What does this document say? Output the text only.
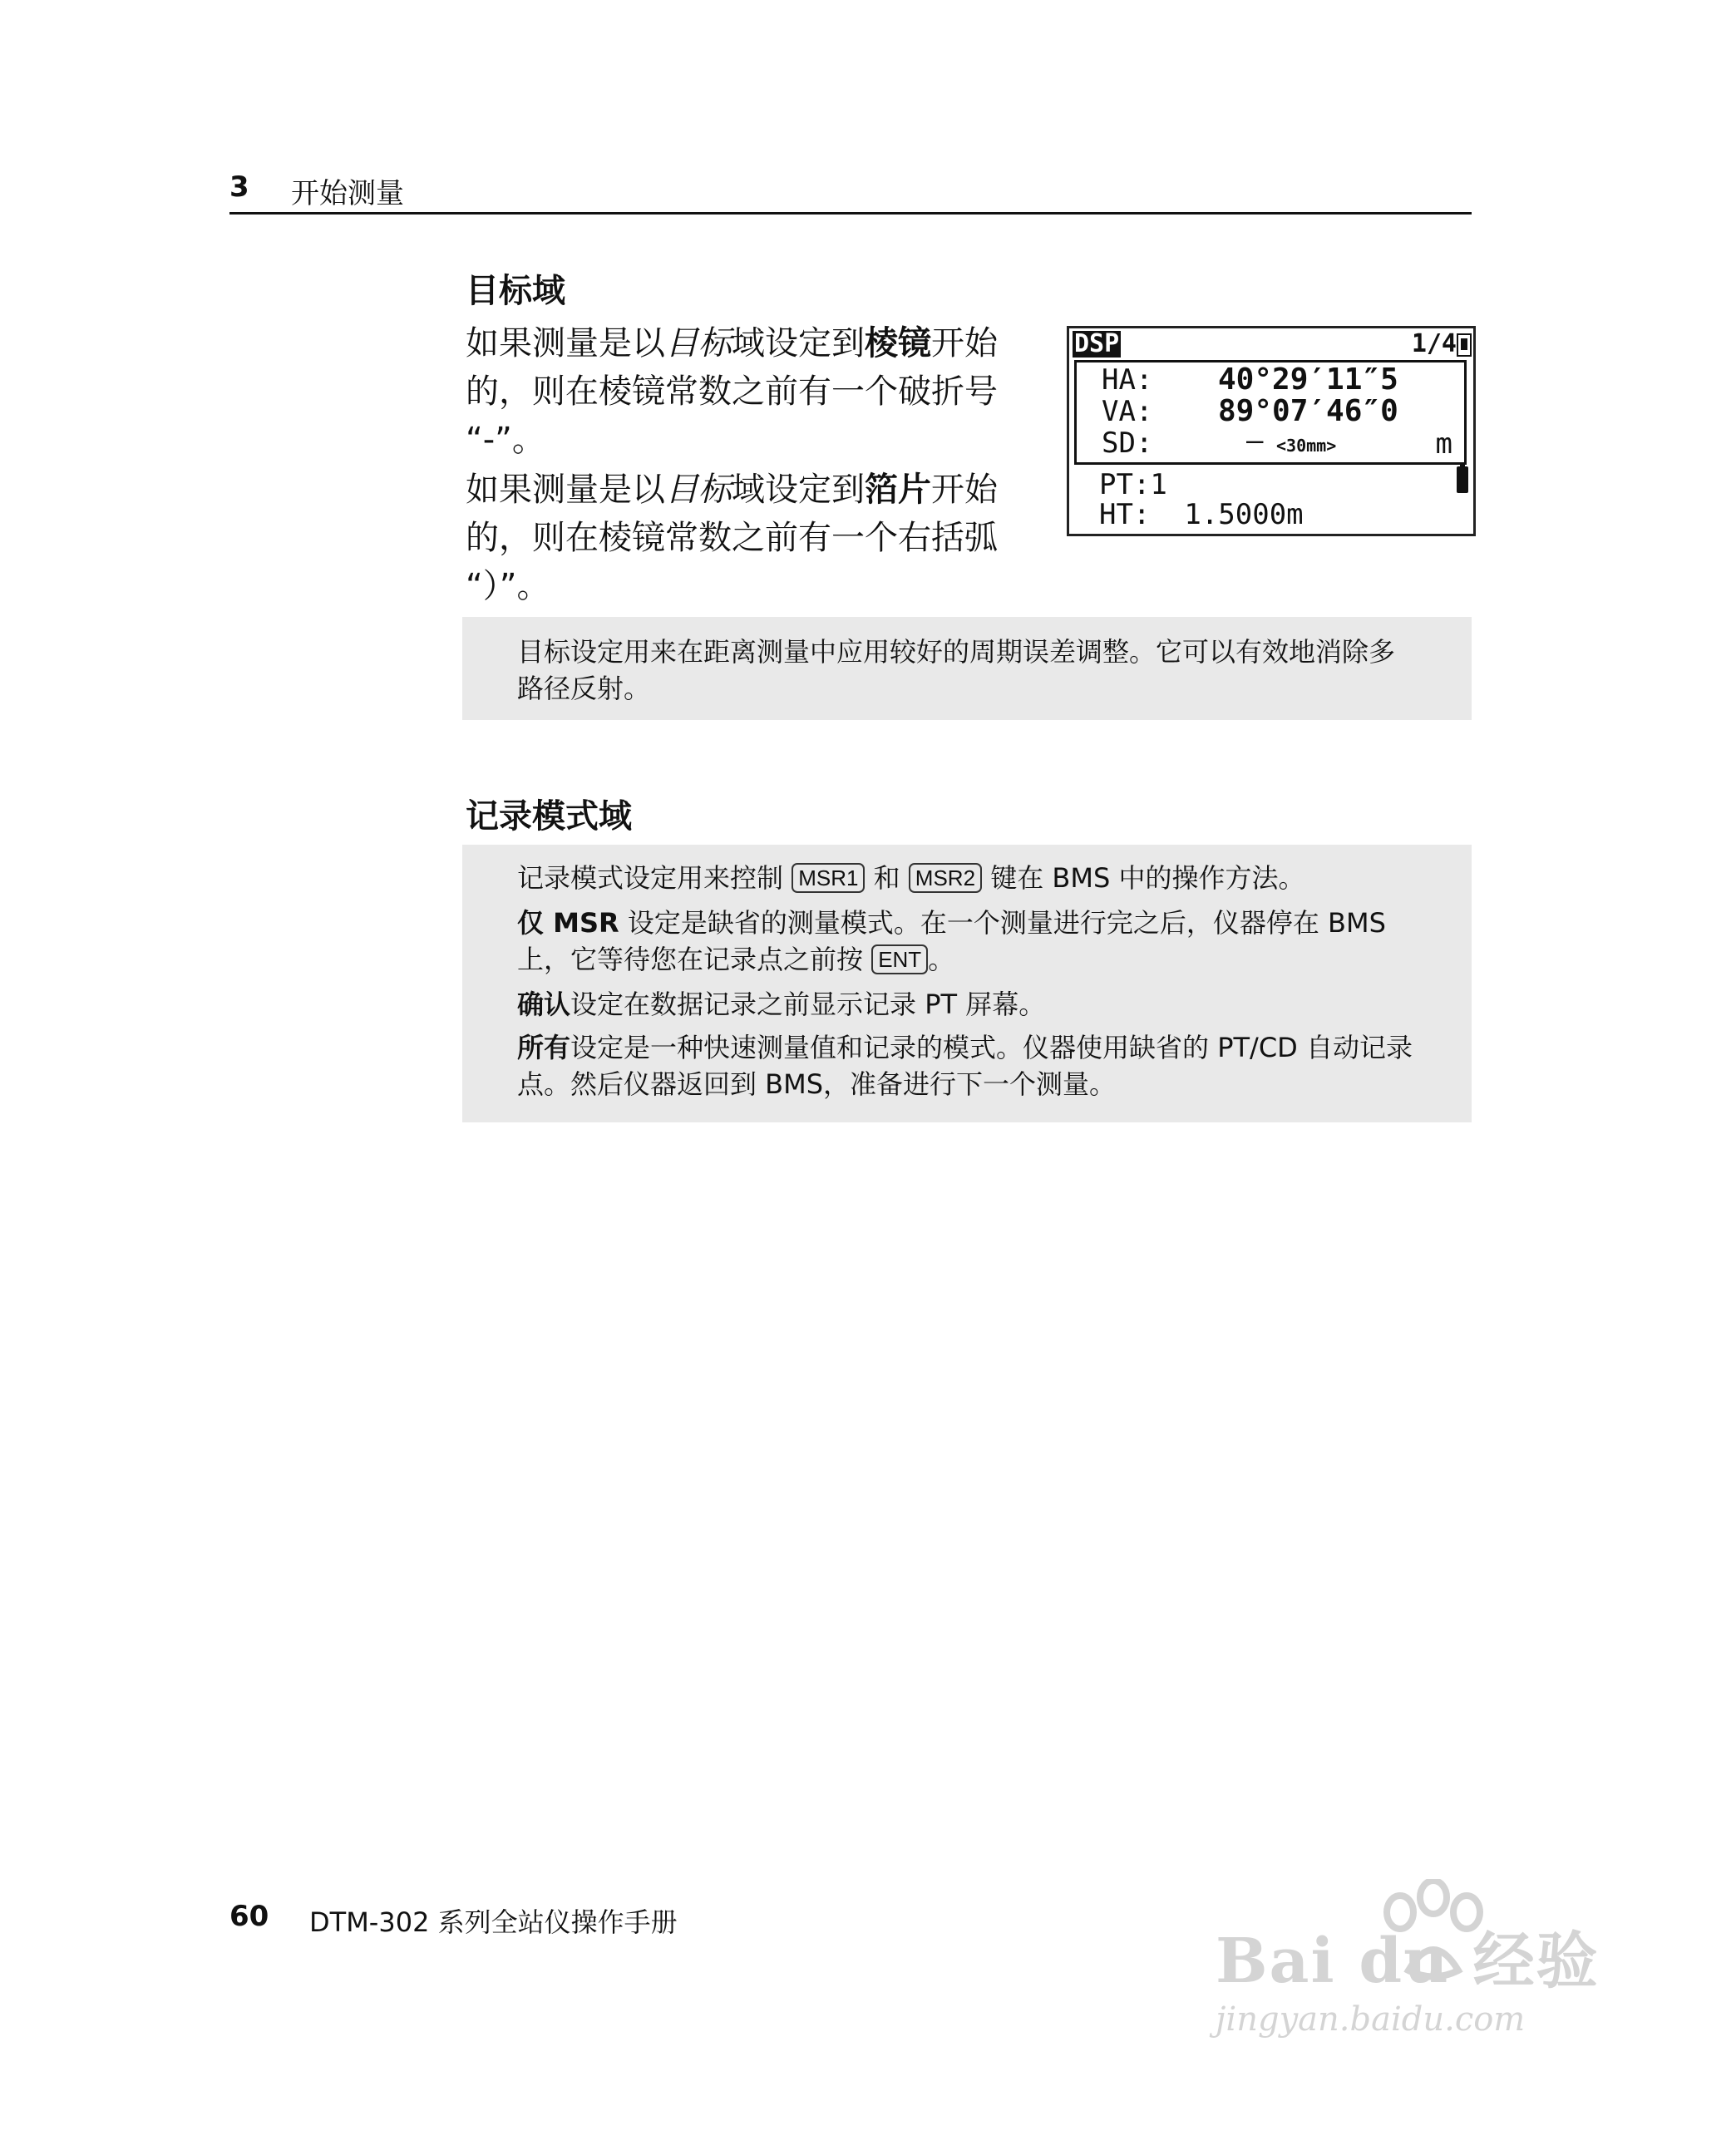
3 开始测量
目标域
如果测量是以目标域设定到棱镜开始的，则在棱镜常数之前有一个破折号 “-”。
如果测量是以目标域设定到箔片开始的，则在棱镜常数之前有一个右括弧 “）”。
DSP	1/4
HA: 40°29′11″5
VA: 89°07′46″0
SD:	– <30mm>	m
PT:1
HT:  1.5000m

目标设定用来在距离测量中应用较好的周期误差调整。它可以有效地消除多路径反射。

记录模式域

记录模式设定用来控制 MSR1 和 MSR2 键在 BMS 中的操作方法。

仅 MSR 设定是缺省的测量模式。在一个测量进行完之后，仪器停在 BMS 上，它等待您在记录点之前按 ENT 。

确认设定在数据记录之前显示记录 PT 屏幕。

所有设定是一种快速测量值和记录的模式。仪器使用缺省的 PT/CD 自动记录点。然后仪器返回到 BMS，准备进行下一个测量。

60 DTM-302 系列全站仪操作手册
Bai du 经验
jingyan.baidu.com
